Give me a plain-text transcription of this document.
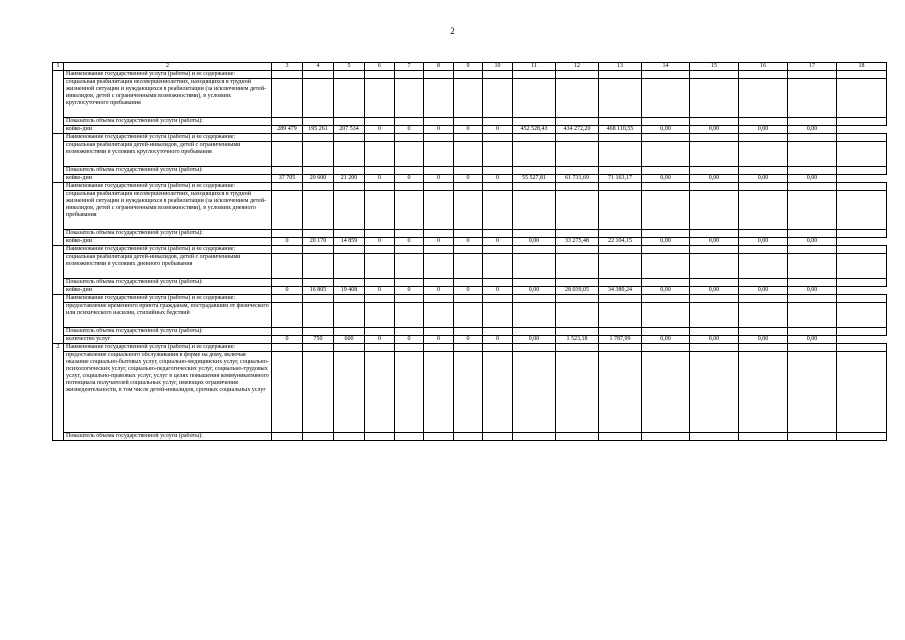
2
1	2	3	4	5	6	7	8	9	10	11	12	13	14	15	16	17	18
	Наименование государственной услуги (работы) и ее содержание:																
	социальная реабилитация несовершеннолетних, находящихся в трудной жизненной ситуации и нуждающихся в реабилитации (за исключением детей-инвалидов, детей с ограниченными возможностями), в условиях круглосуточного пребывания																
	Показатель объема государственной услуги (работы):																
	койко-дни	289 479	195 261	207 534	0	0	0	0	0	452 528,43	434 272,20	468 110,55	0,00	0,00	0,00	0,00	
	Наименование государственной услуги (работы) и ее содержание:																
	социальная реабилитация детей-инвалидов, детей с ограниченными возможностями в условиях круглосуточного пребывания																
	Показатель объема государственной услуги (работы):																
	койко-дни	37 705	20 600	21 200	0	0	0	0	0	55 527,81	61 731,69	71 163,17	0,00	0,00	0,00	0,00	
	Наименование государственной услуги (работы) и ее содержание:																
	социальная реабилитация несовершеннолетних, находящихся в трудной жизненной ситуации и нуждающихся в реабилитации (за исключением детей-инвалидов, детей с ограниченными возможностями), в условиях дневного пребывания																
	Показатель объема государственной услуги (работы):																
	койко-дни	0	20 170	14 859	0	0	0	0	0	0,00	33 275,48	22 104,15	0,00	0,00	0,00	0,00	
	Наименование государственной услуги (работы) и ее содержание:																
	социальная реабилитация детей-инвалидов, детей с ограниченными возможностями в условиях дневного пребывания																
	Показатель объема государственной услуги (работы):																
	койко-дни	0	16 805	19 408	0	0	0	0	0	0,00	28 039,05	34 389,24	0,00	0,00	0,00	0,00	
	Наименование государственной услуги (работы) и ее содержание:																
	предоставление временного приюта гражданам, пострадавшим от физического или психического насилия, стихийных бедствий																
	Показатель объема государственной услуги (работы):																
	количество услуг	0	750	600	0	0	0	0	0	0,00	1 523,18	1 787,99	0,00	0,00	0,00	0,00	
2	Наименование государственной услуги (работы) и ее содержание:																
	предоставление социального обслуживания в форме на дому, включая оказание социально-бытовых услуг, социально-медицинских услуг, социально-психологических услуг, социально-педагогических услуг, социально-трудовых услуг, социально-правовых услуг, услуг в целях повышения коммуникативного потенциала получателей социальных услуг, имеющих ограничения жизнедеятельности, в том числе детей-инвалидов, срочных социальных услуг																
	Показатель объема государственной услуги (работы):																
